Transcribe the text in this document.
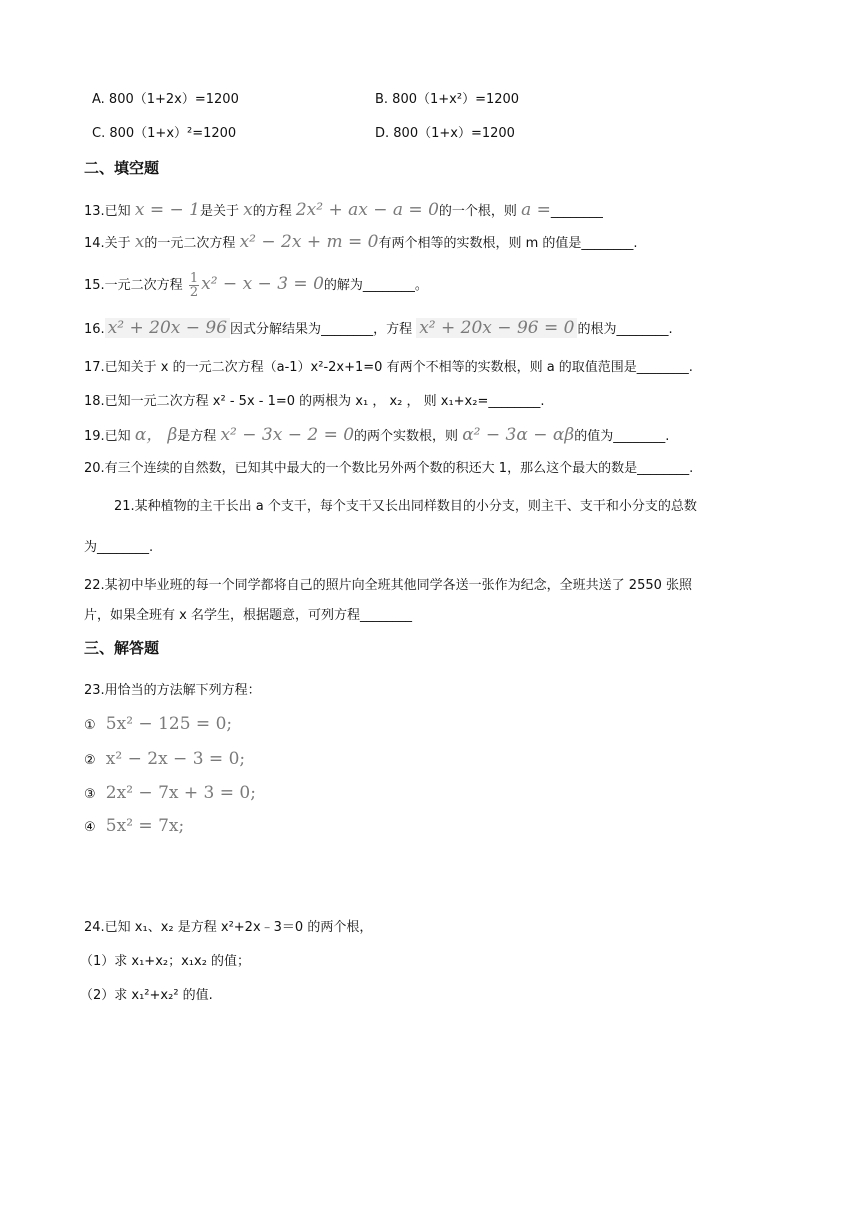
A. 800（1+2x）=1200	B. 800（1+x²）=1200
C. 800（1+x）²=1200	D. 800（1+x）=1200
二、填空题
13.已知 x = − 1是关于 x的方程 2x² + ax − a = 0的一个根，则 a =________
14.关于 x的一元二次方程 x² − 2x + m = 0有两个相等的实数根，则 m 的值是________.
15.一元二次方程 $\frac{1}{2} x^2 - x - 3 = 0$的解为________。
16. x² + 20x − 96 因式分解结果为________，方程 x² + 20x − 96 = 0 的根为________.
17.已知关于 x 的一元二次方程（a-1）x²-2x+1=0 有两个不相等的实数根，则 a 的取值范围是________.
18.已知一元二次方程 x² - 5x - 1=0 的两根为 x₁ ， x₂ ， 则 x₁+x₂=________.
19.已知 α， β是方程 x² − 3x − 2 = 0的两个实数根，则 α² − 3α − αβ的值为________.
20.有三个连续的自然数，已知其中最大的一个数比另外两个数的积还大 1，那么这个最大的数是________.
21.某种植物的主干长出 a 个支干，每个支干又长出同样数目的小分支，则主干、支干和小分支的总数
为________.
22.某初中毕业班的每一个同学都将自己的照片向全班其他同学各送一张作为纪念，全班共送了 2550 张照
片，如果全班有 x 名学生，根据题意，可列方程________
三、解答题
23.用恰当的方法解下列方程：
① 5x² − 125 = 0;
② x² − 2x − 3 = 0;
③ 2x² − 7x + 3 = 0;
④ 5x² = 7x;
24.已知 x₁、x₂ 是方程 x²+2x﹣3＝0 的两个根，
（1）求 x₁+x₂；x₁x₂ 的值；
（2）求 x₁²+x₂² 的值.
